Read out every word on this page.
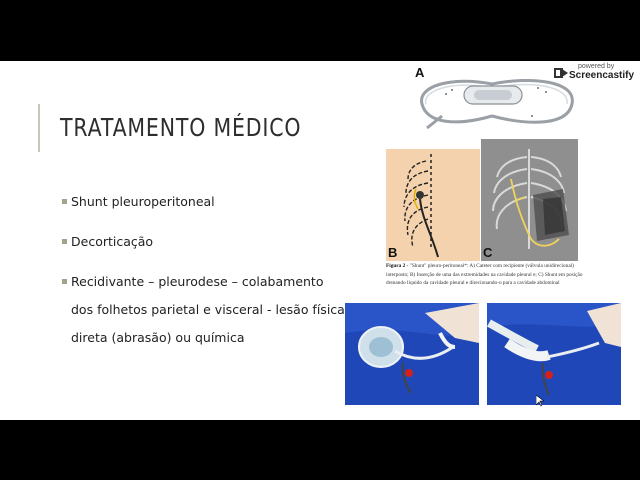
TRATAMENTO MÉDICO
Shunt pleuroperitoneal
Decorticação
Recidivante – pleurodese – colabamento dos folhetos parietal e visceral - lesão física direta (abrasão) ou química
A
B	C
Figura 2 - "Shunt" pleuro-peritoneal*: A) Cateter com recipiente (válvula unidirecional) interposto; B) Inserção de uma das extremidades na cavidade pleural e; C) Shunt em posição drenando líquido da cavidade pleural e direcionando-o para a cavidade abdominal
powered by
Screencastify
